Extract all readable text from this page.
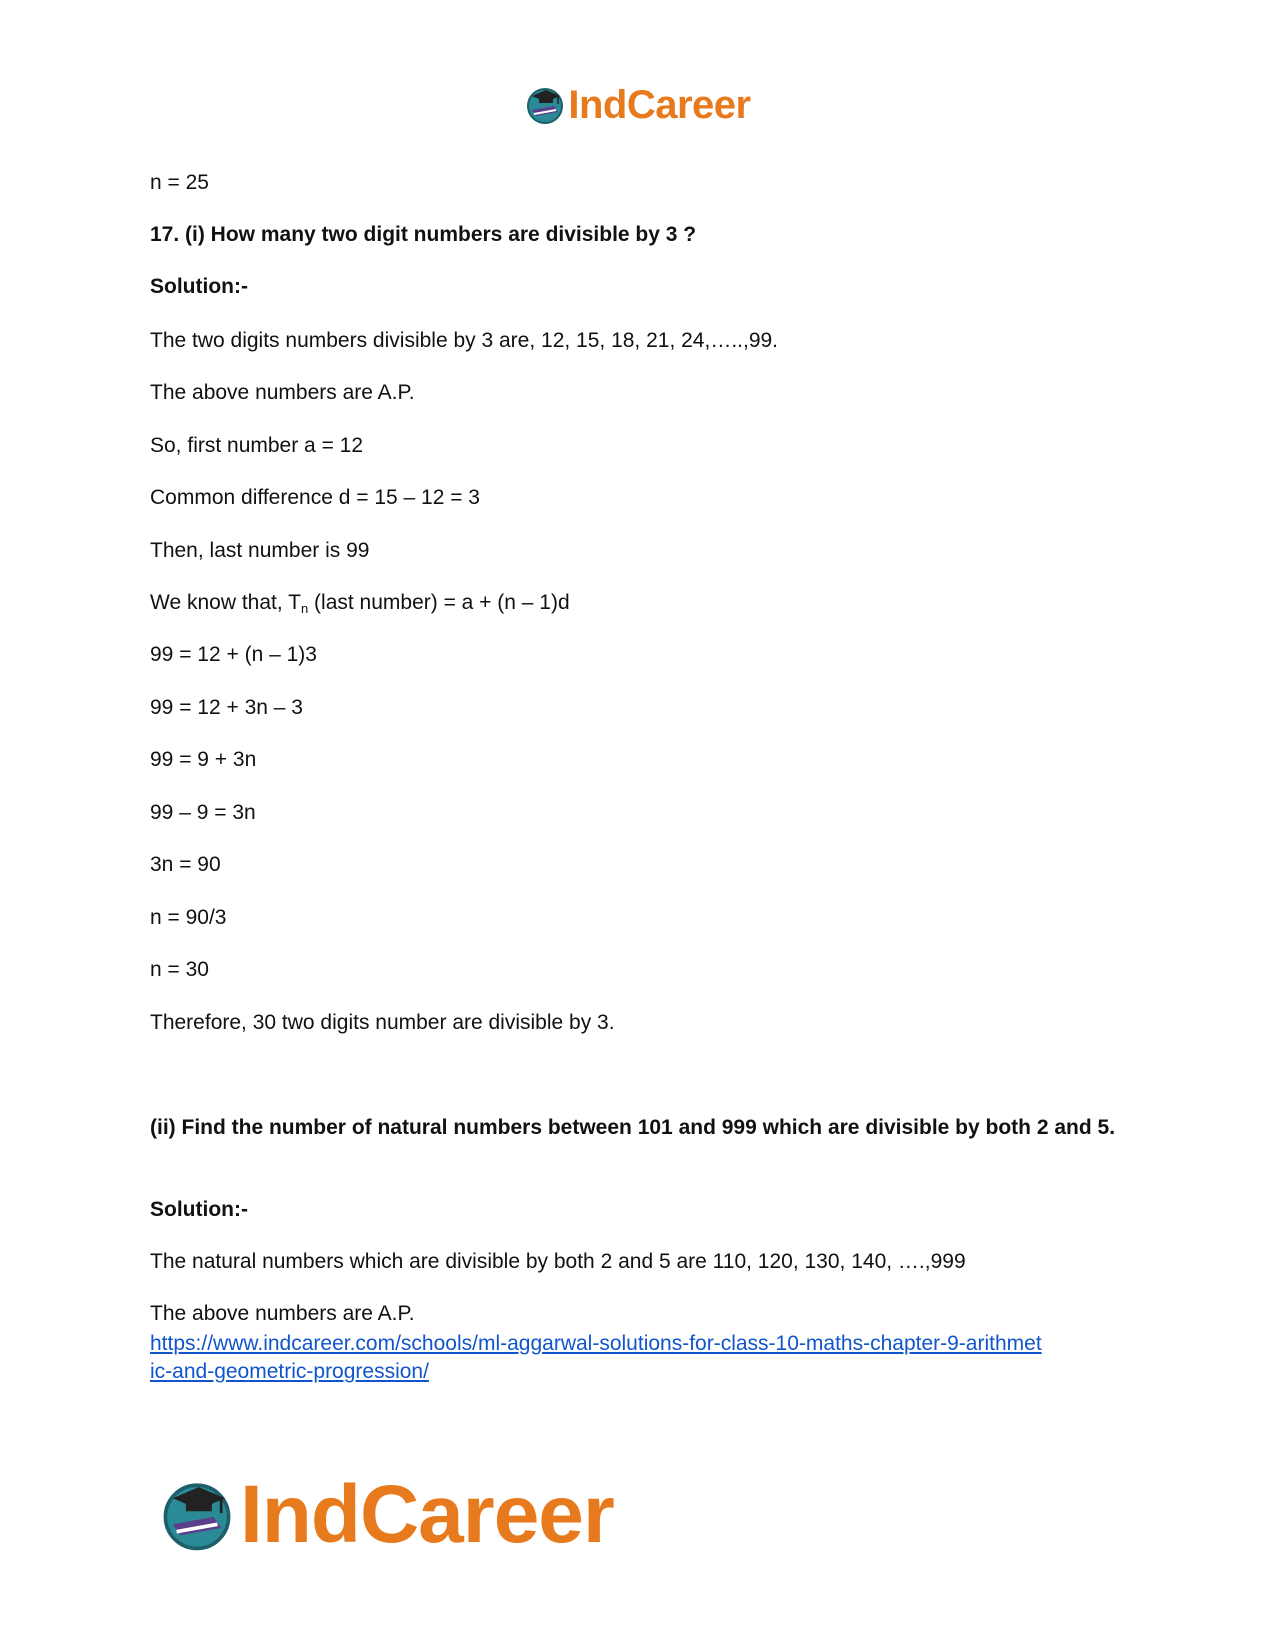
IndCareer
n = 25
17. (i) How many two digit numbers are divisible by 3 ?
Solution:-
The two digits numbers divisible by 3 are, 12, 15, 18, 21, 24,…..,99.
The above numbers are A.P.
So, first number a = 12
Common difference d = 15 – 12 = 3
Then, last number is 99
We know that, $T_n$ (last number) = a + (n – 1)d
99 = 12 + (n – 1)3
99 = 12 + 3n – 3
99 = 9 + 3n
99 – 9 = 3n
3n = 90
n = 90/3
n = 30
Therefore, 30 two digits number are divisible by 3.
(ii) Find the number of natural numbers between 101 and 999 which are divisible by both 2 and 5.
Solution:-
The natural numbers which are divisible by both 2 and 5 are 110, 120, 130, 140, ….,999
The above numbers are A.P.
https://www.indcareer.com/schools/ml-aggarwal-solutions-for-class-10-maths-chapter-9-arithmet
ic-and-geometric-progression/
IndCareer
